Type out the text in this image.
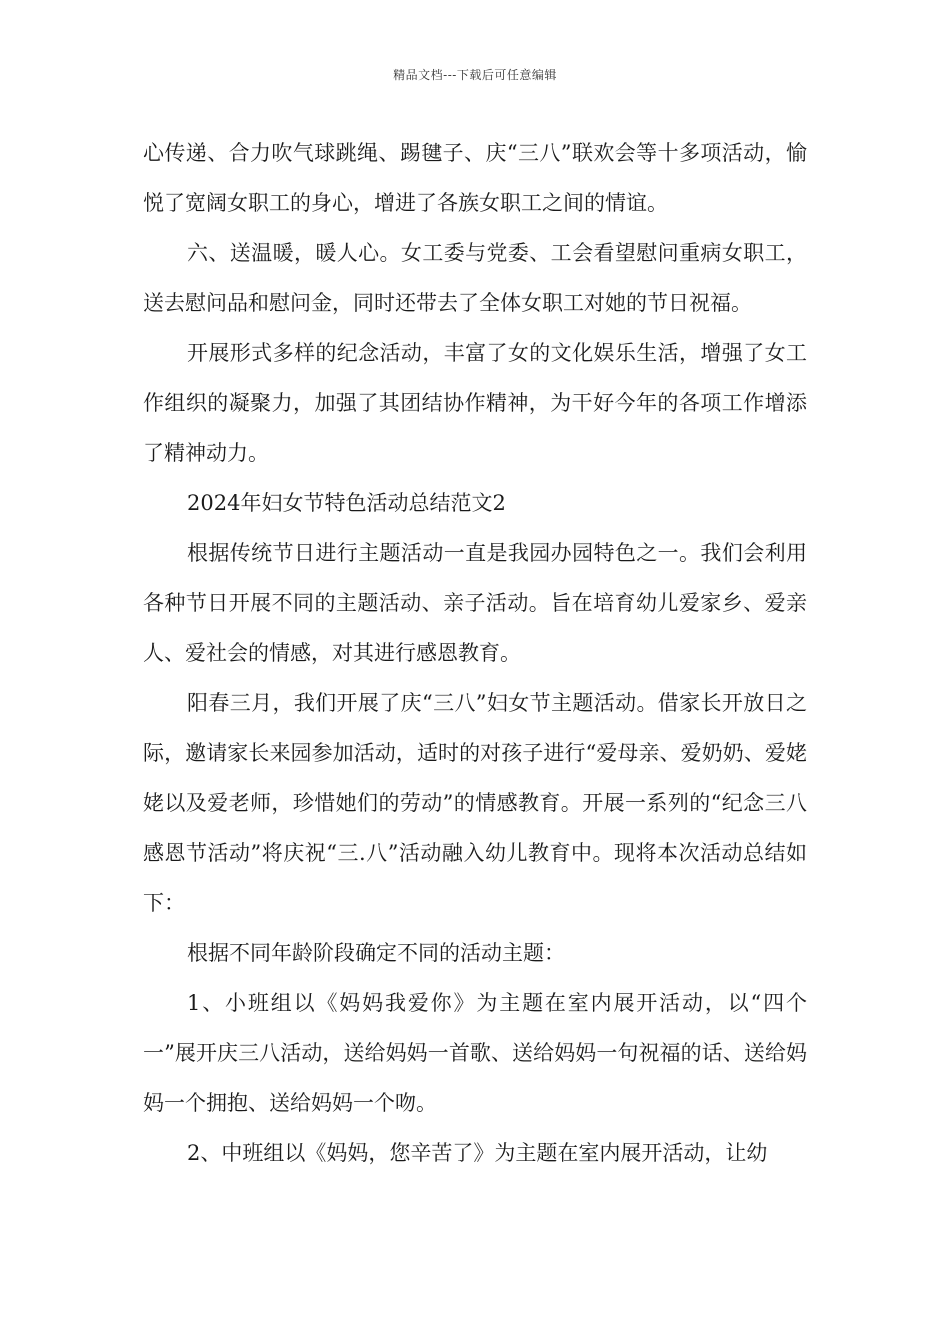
精品文档---下载后可任意编辑

心传递、合力吹气球跳绳、踢毽子、庆“三八”联欢会等十多项活动，愉悦了宽阔女职工的身心，增进了各族女职工之间的情谊。

六、送温暖，暖人心。女工委与党委、工会看望慰问重病女职工，送去慰问品和慰问金，同时还带去了全体女职工对她的节日祝福。

开展形式多样的纪念活动，丰富了女的文化娱乐生活，增强了女工作组织的凝聚力，加强了其团结协作精神，为干好今年的各项工作增添了精神动力。

2024年妇女节特色活动总结范文2

根据传统节日进行主题活动一直是我园办园特色之一。我们会利用各种节日开展不同的主题活动、亲子活动。旨在培育幼儿爱家乡、爱亲人、爱社会的情感，对其进行感恩教育。

阳春三月，我们开展了庆“三八”妇女节主题活动。借家长开放日之际，邀请家长来园参加活动，适时的对孩子进行“爱母亲、爱奶奶、爱姥姥以及爱老师，珍惜她们的劳动”的情感教育。开展一系列的“纪念三八感恩节活动”将庆祝“三.八”活动融入幼儿教育中。现将本次活动总结如下：

根据不同年龄阶段确定不同的活动主题：

1、小班组以《妈妈我爱你》为主题在室内展开活动，以“四个一”展开庆三八活动，送给妈妈一首歌、送给妈妈一句祝福的话、送给妈妈一个拥抱、送给妈妈一个吻。

2、中班组以《妈妈，您辛苦了》为主题在室内展开活动，让幼
